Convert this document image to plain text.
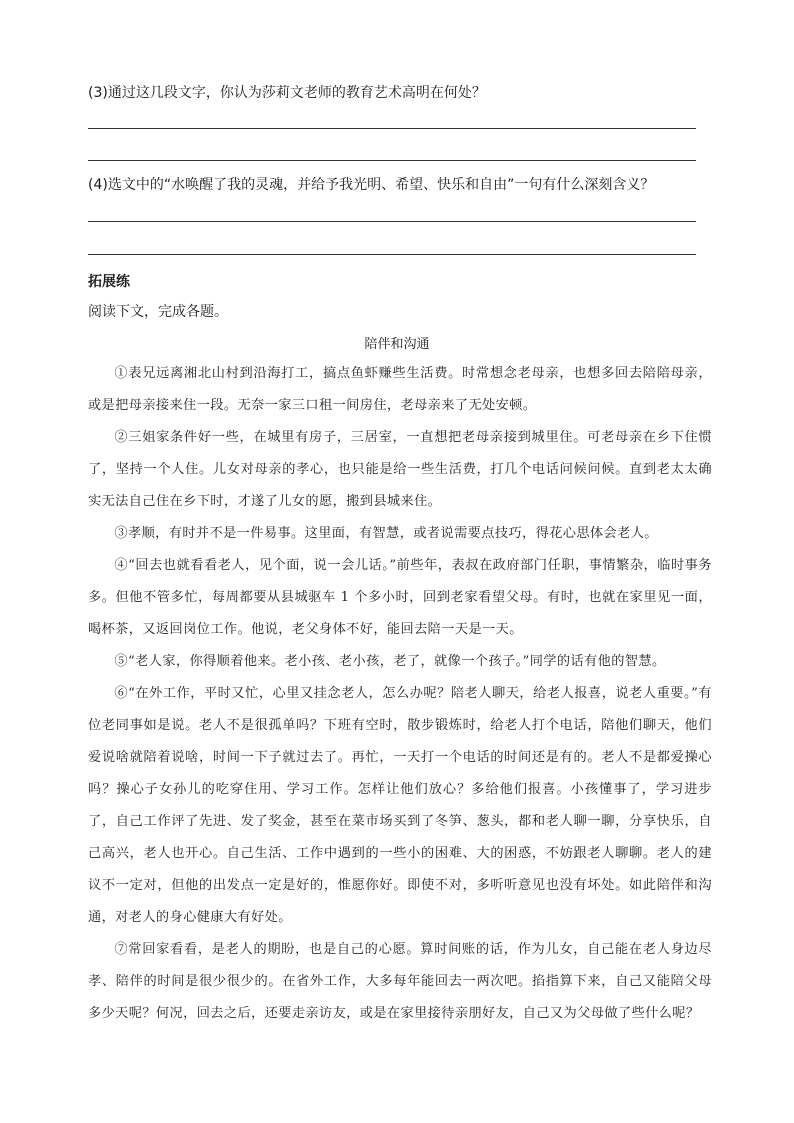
(3)通过这几段文字，你认为莎莉文老师的教育艺术高明在何处？
(4)选文中的“水唤醒了我的灵魂，并给予我光明、希望、快乐和自由”一句有什么深刻含义？
拓展练
阅读下文，完成各题。
陪伴和沟通

①表兄远离湘北山村到沿海打工，搞点鱼虾赚些生活费。时常想念老母亲，也想多回去陪陪母亲，或是把母亲接来住一段。无奈一家三口租一间房住，老母亲来了无处安顿。

②三姐家条件好一些，在城里有房子，三居室，一直想把老母亲接到城里住。可老母亲在乡下住惯了，坚持一个人住。儿女对母亲的孝心，也只能是给一些生活费，打几个电话问候问候。直到老太太确实无法自己住在乡下时，才遂了儿女的愿，搬到县城来住。

③孝顺，有时并不是一件易事。这里面，有智慧，或者说需要点技巧，得花心思体会老人。

④“回去也就看看老人，见个面，说一会儿话。”前些年，表叔在政府部门任职，事情繁杂，临时事务多。但他不管多忙，每周都要从县城驱车 1 个多小时，回到老家看望父母。有时，也就在家里见一面，喝杯茶，又返回岗位工作。他说，老父身体不好，能回去陪一天是一天。

⑤“老人家，你得顺着他来。老小孩、老小孩，老了，就像一个孩子。”同学的话有他的智慧。

⑥“在外工作，平时又忙，心里又挂念老人，怎么办呢？陪老人聊天，给老人报喜，说老人重要。”有位老同事如是说。老人不是很孤单吗？下班有空时，散步锻炼时，给老人打个电话，陪他们聊天，他们爱说啥就陪着说啥，时间一下子就过去了。再忙，一天打一个电话的时间还是有的。老人不是都爱操心吗？操心子女孙儿的吃穿住用、学习工作。怎样让他们放心？多给他们报喜。小孩懂事了，学习进步了，自己工作评了先进、发了奖金，甚至在菜市场买到了冬笋、葱头，都和老人聊一聊，分享快乐，自己高兴，老人也开心。自己生活、工作中遇到的一些小的困难、大的困惑，不妨跟老人聊聊。老人的建议不一定对，但他的出发点一定是好的，惟愿你好。即使不对，多听听意见也没有坏处。如此陪伴和沟通，对老人的身心健康大有好处。

⑦常回家看看，是老人的期盼，也是自己的心愿。算时间账的话，作为儿女，自己能在老人身边尽孝、陪伴的时间是很少很少的。在省外工作，大多每年能回去一两次吧。掐指算下来，自己又能陪父母多少天呢？何况，回去之后，还要走亲访友，或是在家里接待亲朋好友，自己又为父母做了些什么呢？
